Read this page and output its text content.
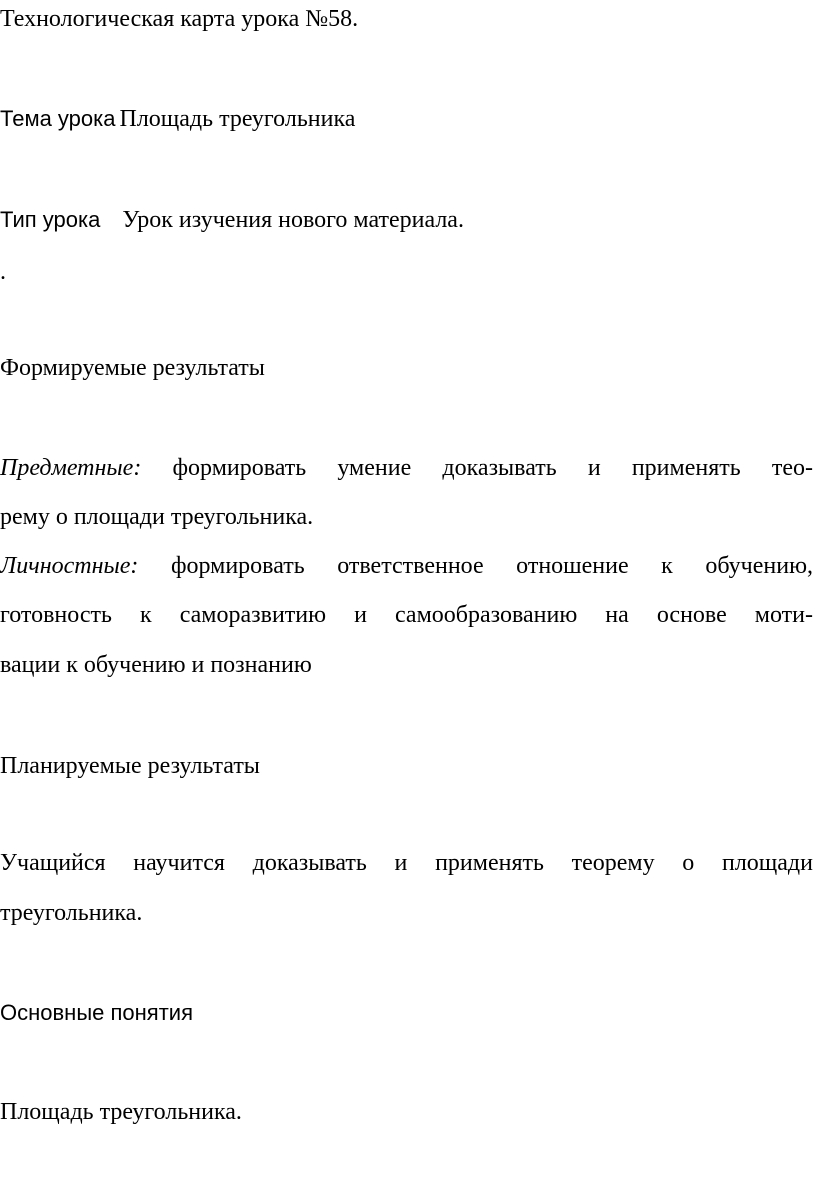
Технологическая карта урока №58.
Тема урока Площадь треугольника
Тип урока Урок изучения нового материала.
.
Формируемые результаты
Предметные: формировать умение доказывать и применять тео-
рему о площади треугольника.
Личностные: формировать ответственное отношение к обучению,
готовность к саморазвитию и самообразованию на основе моти-
вации к обучению и познанию
Планируемые результаты
Учащийся научится доказывать и применять теорему о площади
треугольника.
Основные понятия
Площадь треугольника.
